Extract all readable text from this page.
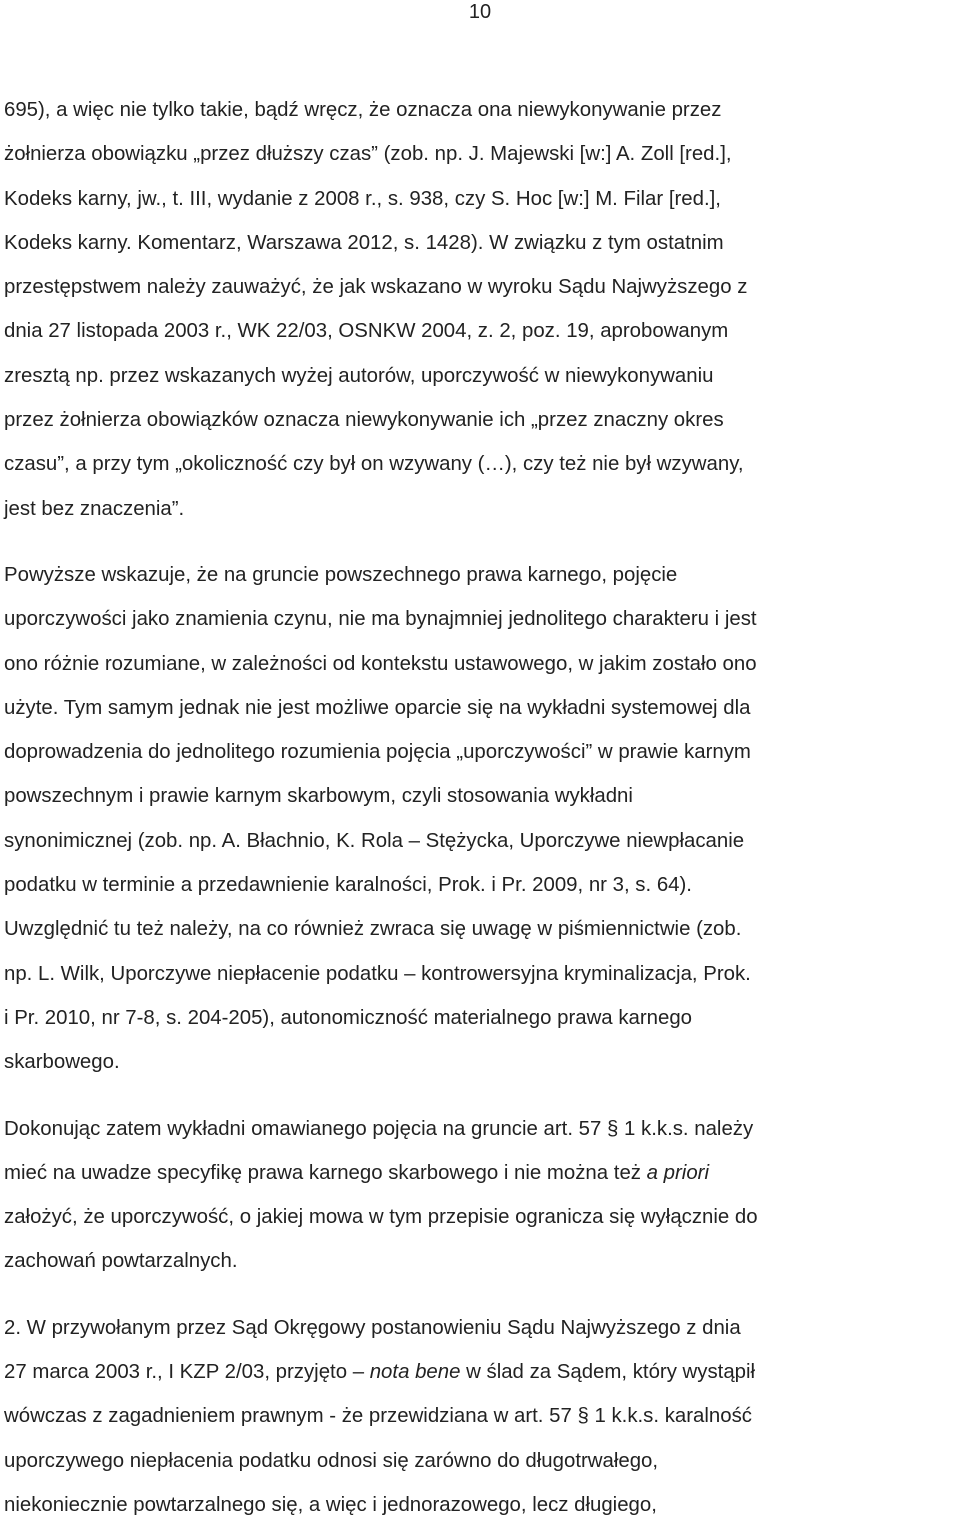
10

695), a więc nie tylko takie, bądź wręcz, że oznacza ona niewykonywanie przez
żołnierza obowiązku „przez dłuższy czas” (zob. np. J. Majewski [w:] A. Zoll [red.],
Kodeks karny, jw., t. III, wydanie z 2008 r., s. 938, czy S. Hoc [w:] M. Filar [red.],
Kodeks karny. Komentarz, Warszawa 2012, s. 1428). W związku z tym ostatnim
przestępstwem należy zauważyć, że jak wskazano w wyroku Sądu Najwyższego z
dnia 27 listopada 2003 r., WK 22/03, OSNKW 2004, z. 2, poz. 19, aprobowanym
zresztą np. przez wskazanych wyżej autorów, uporczywość w niewykonywaniu
przez żołnierza obowiązków oznacza niewykonywanie ich „przez znaczny okres
czasu”, a przy tym „okoliczność czy był on wzywany (…), czy też nie był wzywany,
jest bez znaczenia”.

Powyższe wskazuje, że na gruncie powszechnego prawa karnego, pojęcie
uporczywości jako znamienia czynu, nie ma bynajmniej jednolitego charakteru i jest
ono różnie rozumiane, w zależności od kontekstu ustawowego, w jakim zostało ono
użyte. Tym samym jednak nie jest możliwe oparcie się na wykładni systemowej dla
doprowadzenia do jednolitego rozumienia pojęcia „uporczywości” w prawie karnym
powszechnym i prawie karnym skarbowym, czyli stosowania wykładni
synonimicznej (zob. np. A. Błachnio, K. Rola – Stężycka, Uporczywe niewpłacanie
podatku w terminie a przedawnienie karalności, Prok. i Pr. 2009, nr 3, s. 64).
Uwzględnić tu też należy, na co również zwraca się uwagę w piśmiennictwie (zob.
np. L. Wilk, Uporczywe niepłacenie podatku – kontrowersyjna kryminalizacja, Prok.
i Pr. 2010, nr 7-8, s. 204-205), autonomiczność materialnego prawa karnego
skarbowego.

Dokonując zatem wykładni omawianego pojęcia na gruncie art. 57 § 1 k.k.s. należy
mieć na uwadze specyfikę prawa karnego skarbowego i nie można też a priori
założyć, że uporczywość, o jakiej mowa w tym przepisie ogranicza się wyłącznie do
zachowań powtarzalnych.

2. W przywołanym przez Sąd Okręgowy postanowieniu Sądu Najwyższego z dnia
27 marca 2003 r., I KZP 2/03, przyjęto – nota bene w ślad za Sądem, który wystąpił
wówczas z zagadnieniem prawnym - że przewidziana w art. 57 § 1 k.k.s. karalność
uporczywego niepłacenia podatku odnosi się zarówno do długotrwałego,
niekoniecznie powtarzalnego się, a więc i jednorazowego, lecz długiego,
